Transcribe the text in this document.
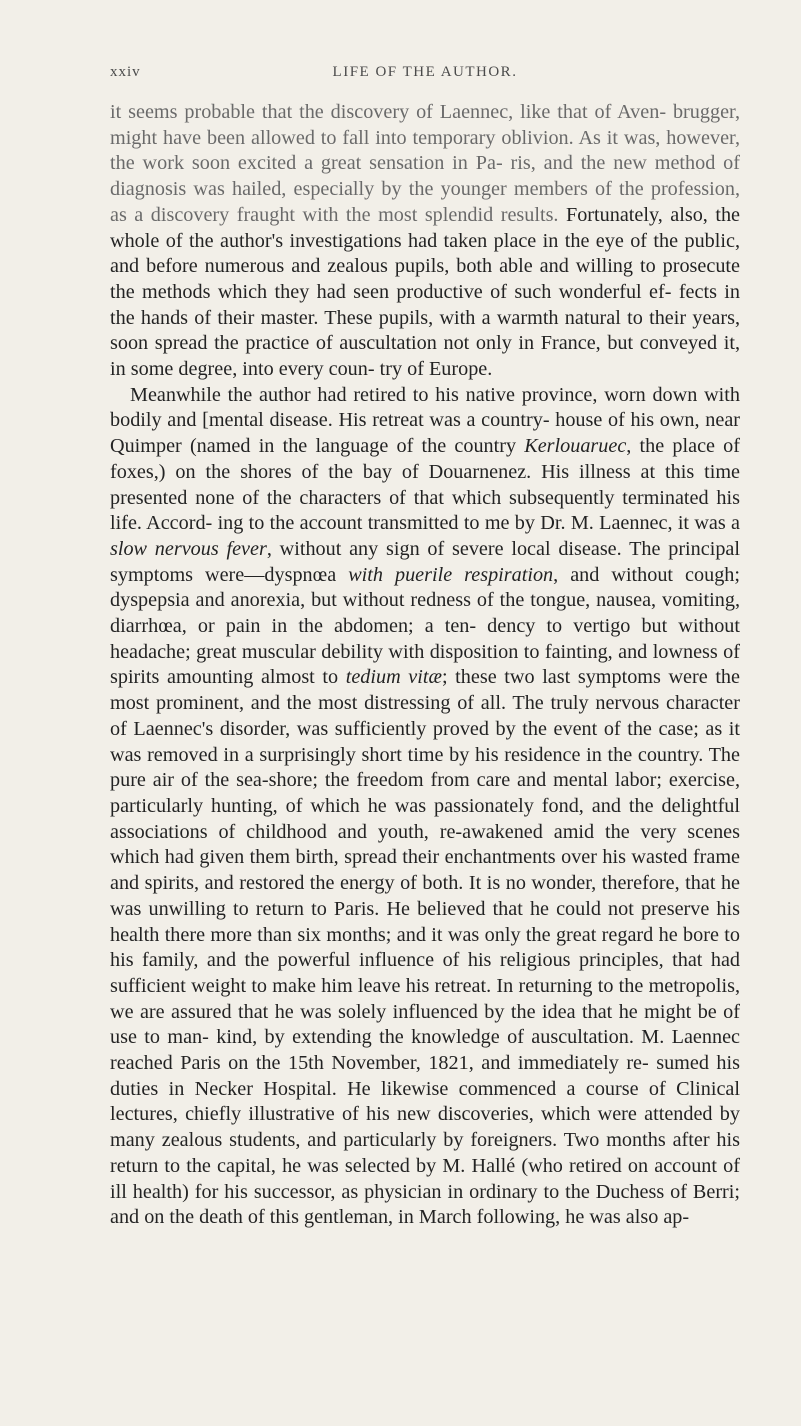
xxiv	LIFE OF THE AUTHOR.

it seems probable that the discovery of Laennec, like that of Aven- brugger, might have been allowed to fall into temporary oblivion. As it was, however, the work soon excited a great sensation in Pa- ris, and the new method of diagnosis was hailed, especially by the younger members of the profession, as a discovery fraught with the most splendid results. Fortunately, also, the whole of the author's investigations had taken place in the eye of the public, and before numerous and zealous pupils, both able and willing to prosecute the methods which they had seen productive of such wonderful ef- fects in the hands of their master. These pupils, with a warmth natural to their years, soon spread the practice of auscultation not only in France, but conveyed it, in some degree, into every coun- try of Europe.

Meanwhile the author had retired to his native province, worn down with bodily and [mental disease. His retreat was a country- house of his own, near Quimper (named in the language of the country Kerlouaruec, the place of foxes,) on the shores of the bay of Douarnenez. His illness at this time presented none of the characters of that which subsequently terminated his life. Accord- ing to the account transmitted to me by Dr. M. Laennec, it was a slow nervous fever, without any sign of severe local disease. The principal symptoms were—dyspnœa with puerile respiration, and without cough; dyspepsia and anorexia, but without redness of the tongue, nausea, vomiting, diarrhœa, or pain in the abdomen; a ten- dency to vertigo but without headache; great muscular debility with disposition to fainting, and lowness of spirits amounting almost to tedium vitæ; these two last symptoms were the most prominent, and the most distressing of all. The truly nervous character of Laennec's disorder, was sufficiently proved by the event of the case; as it was removed in a surprisingly short time by his residence in the country. The pure air of the sea-shore; the freedom from care and mental labor; exercise, particularly hunting, of which he was passionately fond, and the delightful associations of childhood and youth, re-awakened amid the very scenes which had given them birth, spread their enchantments over his wasted frame and spirits, and restored the energy of both. It is no wonder, therefore, that he was unwilling to return to Paris. He believed that he could not preserve his health there more than six months; and it was only the great regard he bore to his family, and the powerful influence of his religious principles, that had sufficient weight to make him leave his retreat. In returning to the metropolis, we are assured that he was solely influenced by the idea that he might be of use to man- kind, by extending the knowledge of auscultation. M. Laennec reached Paris on the 15th November, 1821, and immediately re- sumed his duties in Necker Hospital. He likewise commenced a course of Clinical lectures, chiefly illustrative of his new discoveries, which were attended by many zealous students, and particularly by foreigners. Two months after his return to the capital, he was selected by M. Hallé (who retired on account of ill health) for his successor, as physician in ordinary to the Duchess of Berri; and on the death of this gentleman, in March following, he was also ap-
